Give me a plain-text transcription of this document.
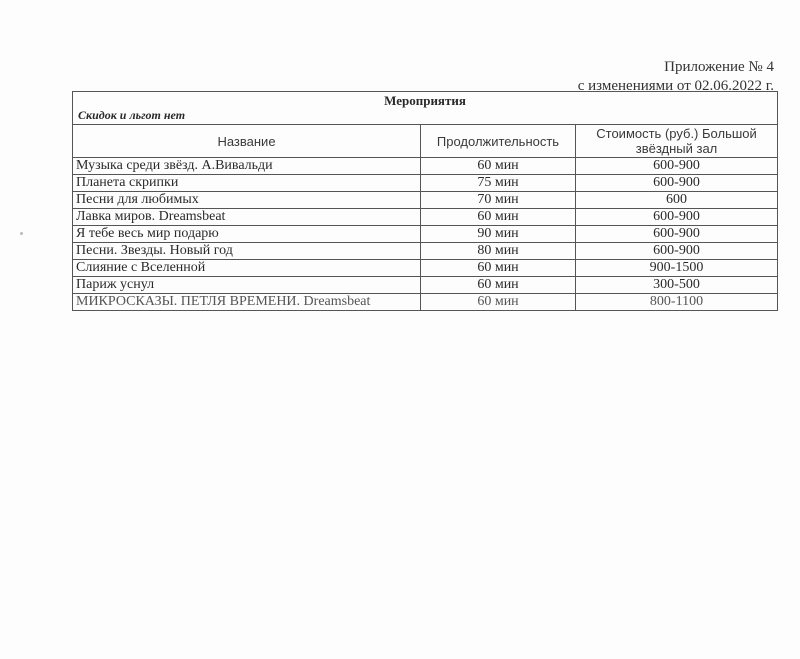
Приложение № 4
с изменениями от 02.06.2022 г.
Мероприятия
Скидок и льгот нет		

Название	Продолжительность	Стоимость (руб.) Большой звёздный зал
Музыка среди звёзд. А.Вивальди	60 мин	600-900
Планета скрипки	75 мин	600-900
Песни для любимых	70 мин	600
Лавка миров. Dreamsbeat	60 мин	600-900
Я тебе весь мир подарю	90 мин	600-900
Песни. Звезды. Новый год	80 мин	600-900
Слияние с Вселенной	60 мин	900-1500
Париж уснул	60 мин	300-500
МИКРОСКАЗЫ. ПЕТЛЯ ВРЕМЕНИ. Dreamsbeat	60 мин	800-1100
